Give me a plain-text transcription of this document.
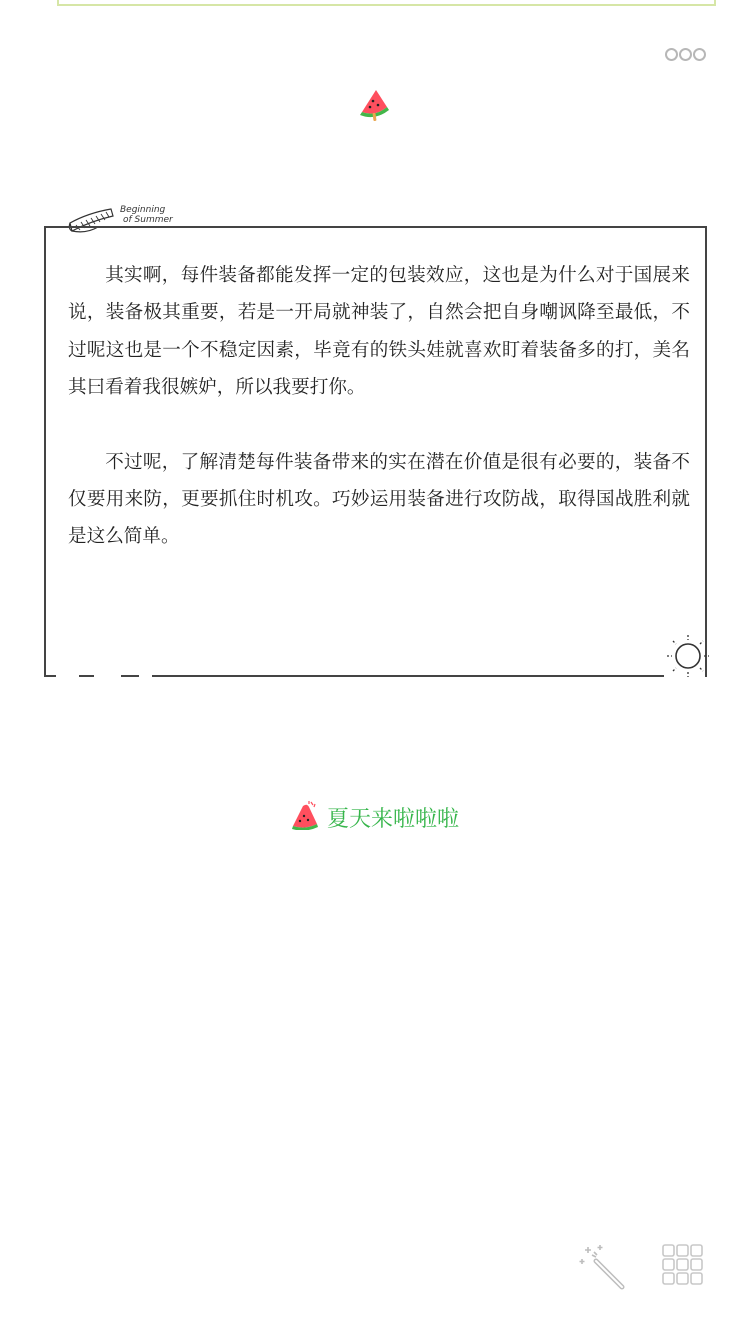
Beginning
of Summer

其实啊，每件装备都能发挥一定的包装效应，这也是为什么对于国展来说，装备极其重要，若是一开局就神装了，自然会把自身嘲讽降至最低，不过呢这也是一个不稳定因素，毕竟有的铁头娃就喜欢盯着装备多的打，美名其曰看着我很嫉妒，所以我要打你。

不过呢，了解清楚每件装备带来的实在潜在价值是很有必要的，装备不仅要用来防，更要抓住时机攻。巧妙运用装备进行攻防战，取得国战胜利就是这么简单。

夏天来啦啦啦
